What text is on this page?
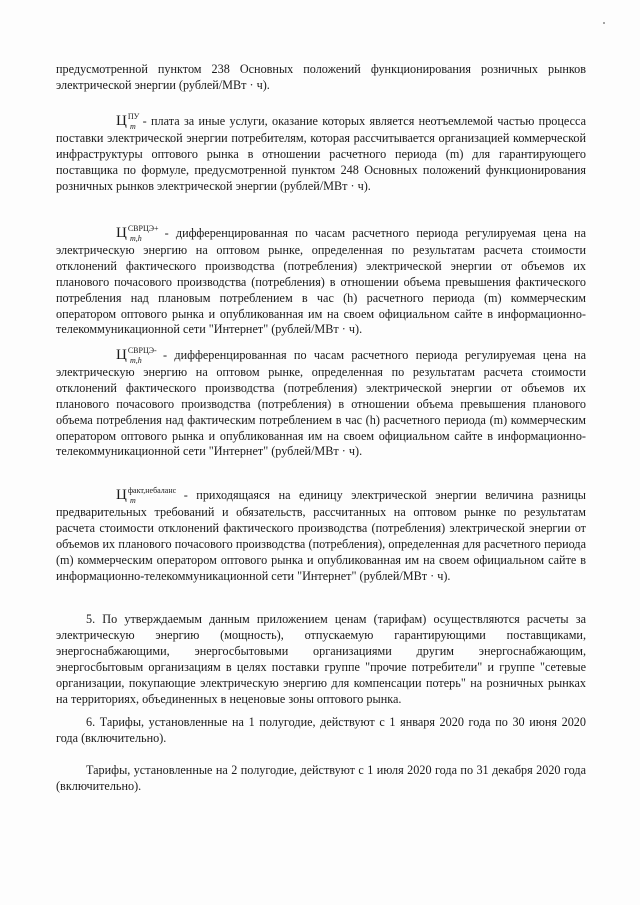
предусмотренной пунктом 238 Основных положений функционирования розничных рынков электрической энергии (рублей/МВт · ч).

$Ц^{ПУ}$
m - плата за иные услуги, оказание которых является неотъемлемой частью процесса поставки электрической энергии потребителям, которая рассчитывается организацией коммерческой инфраструктуры оптового рынка в отношении расчетного периода (m) для гарантирующего поставщика по формуле, предусмотренной пунктом 248 Основных положений функционирования розничных рынков электрической энергии (рублей/МВт · ч).

$Ц^{СВРЦЭ+}$
m,h - дифференцированная по часам расчетного периода регулируемая цена на электрическую энергию на оптовом рынке, определенная по результатам расчета стоимости отклонений фактического производства (потребления) электрической энергии от объемов их планового почасового производства (потребления) в отношении объема превышения фактического потребления над плановым потреблением в час (h) расчетного периода (m) коммерческим оператором оптового рынка и опубликованная им на своем официальном сайте в информационно-телекоммуникационной сети "Интернет" (рублей/МВт · ч).

$Ц^{СВРЦЭ-}$
m,h - дифференцированная по часам расчетного периода регулируемая цена на электрическую энергию на оптовом рынке, определенная по результатам расчета стоимости отклонений фактического производства (потребления) электрической энергии от объемов их планового почасового производства (потребления) в отношении объема превышения планового объема потребления над фактическим потреблением в час (h) расчетного периода (m) коммерческим оператором оптового рынка и опубликованная им на своем официальном сайте в информационно-телекоммуникационной сети "Интернет" (рублей/МВт · ч).

$Ц^{факт,небаланс}$
m	- приходящаяся на единицу электрической энергии величина разницы предварительных требований и обязательств, рассчитанных на оптовом рынке по результатам расчета стоимости отклонений фактического производства (потребления) электрической энергии от объемов их планового почасового производства (потребления), определенная для расчетного периода (m) коммерческим оператором оптового рынка и опубликованная им на своем официальном сайте в информационно-телекоммуникационной сети "Интернет" (рублей/МВт · ч).

5. По утверждаемым данным приложением ценам (тарифам) осуществляются расчеты за электрическую энергию (мощность), отпускаемую гарантирующими поставщиками, энергоснабжающими, энергосбытовыми организациями другим энергоснабжающим, энергосбытовым организациям в целях поставки группе "прочие потребители" и группе "сетевые организации, покупающие электрическую энергию для компенсации потерь" на розничных рынках на территориях, объединенных в неценовые зоны оптового рынка.

6. Тарифы, установленные на 1 полугодие, действуют с 1 января 2020 года по 30 июня 2020 года (включительно).

Тарифы, установленные на 2 полугодие, действуют с 1 июля 2020 года по 31 декабря 2020 года (включительно).
